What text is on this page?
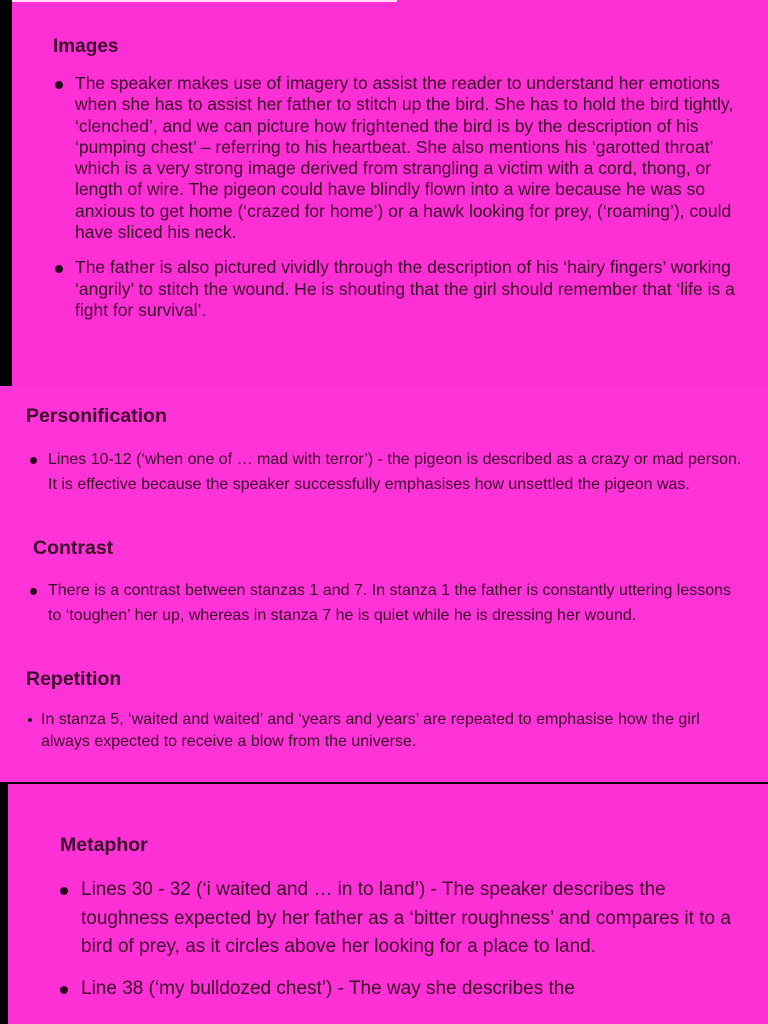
Images
The speaker makes use of imagery to assist the reader to understand her emotions when she has to assist her father to stitch up the bird. She has to hold the bird tightly, ‘clenched’, and we can picture how frightened the bird is by the description of his ‘pumping chest’ – referring to his heartbeat. She also mentions his ‘garotted throat’ which is a very strong image derived from strangling a victim with a cord, thong, or length of wire. The pigeon could have blindly flown into a wire because he was so anxious to get home (‘crazed for home’) or a hawk looking for prey, (‘roaming’), could have sliced his neck.
The father is also pictured vividly through the description of his ‘hairy fingers’ working ‘angrily’ to stitch the wound. He is shouting that the girl should remember that ‘life is a fight for survival’.
Personification
Lines 10-12 (‘when one of … mad with terror’) - the pigeon is described as a crazy or mad person. It is effective because the speaker successfully emphasises how unsettled the pigeon was.
Contrast
There is a contrast between stanzas 1 and 7. In stanza 1 the father is constantly uttering lessons to ‘toughen’ her up, whereas in stanza 7 he is quiet while he is dressing her wound.
Repetition
In stanza 5, ‘waited and waited’ and ‘years and years’ are repeated to emphasise how the girl always expected to receive a blow from the universe.
Metaphor
Lines 30 - 32 (‘i waited and … in to land’) - The speaker describes the toughness expected by her father as a ‘bitter roughness’ and compares it to a bird of prey, as it circles above her looking for a place to land.
Line 38 (‘my bulldozed chest’) - The way she describes the
